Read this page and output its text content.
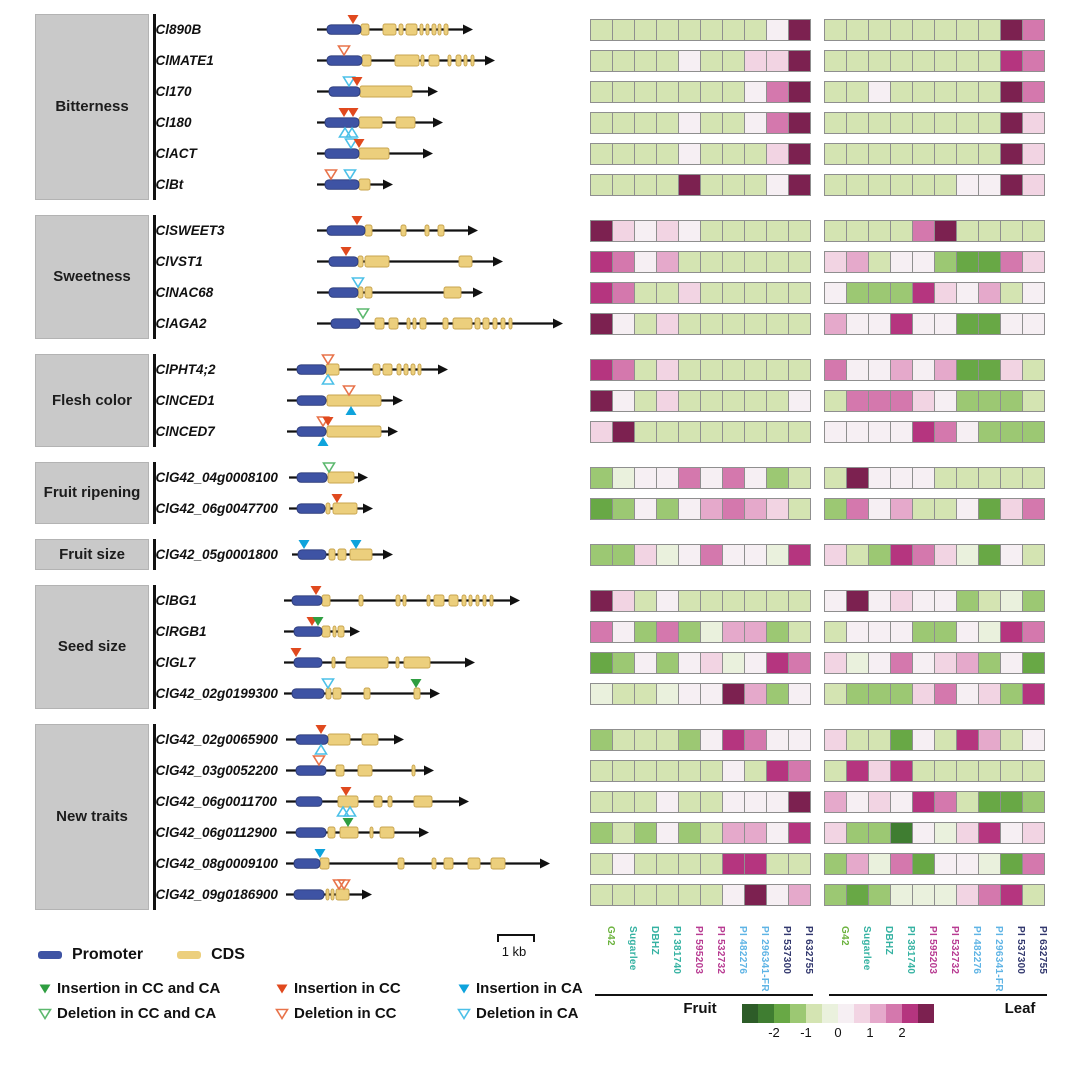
Bitterness
Cl890B
ClMATE1
Cl170
Cl180
ClACT
ClBt
Sweetness
ClSWEET3
ClVST1
ClNAC68
ClAGA2
Flesh color
ClPHT4;2
ClNCED1
ClNCED7
Fruit ripening
ClG42_04g0008100
ClG42_06g0047700
Fruit size ClG42_05g0001800
Seed size
ClBG1
ClRGB1
ClGL7
ClG42_02g0199300
New traits
ClG42_02g0065900
ClG42_03g0052200
ClG42_06g0011700
ClG42_06g0112900
ClG42_08g0009100
ClG42_09g0186900
G42	Sugarlee	DBHZ	PI 381740	PI 595203	PI 532732	PI 482276	PI 296341-FR	PI 537300	PI 632755	G42	Sugarlee	DBHZ	PI 381740	PI 595203	PI 532732	PI 482276	PI 296341-FR	PI 537300	PI 632755
Fruit	Leaf
-2 -1 0 1 2
1 kb
Promoter	CDS
Insertion in CC and CA	Insertion in CC	Insertion in CA
Deletion in CC and CA	Deletion in CC	Deletion in CA
